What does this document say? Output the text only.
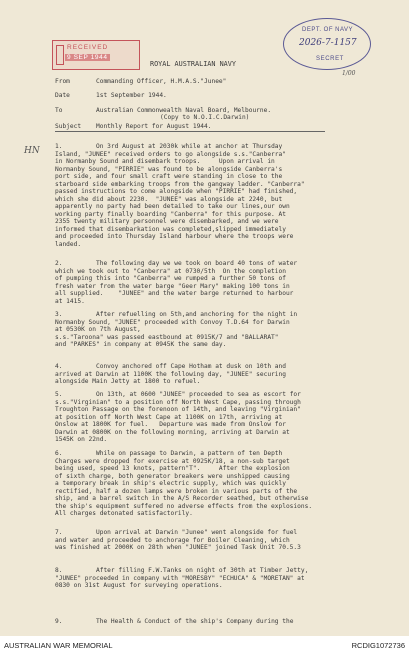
RECEIVED
9 SEP 1944
DEPT. OF NAVY
2026-7-1157
SECRET
1/00
HN
ROYAL AUSTRALIAN NAVY
From	Commanding Officer, H.M.A.S."Junee"
Date	1st September 1944.
To	Australian Commonwealth Naval Board, Melbourne.
(Copy to N.O.I.C.Darwin)
Subject Monthly Report for August 1944.
1.	On 3rd August at 2030k while at anchor at Thursday
Island, "JUNEE" received orders to go alongside s.s."Canberra"
in Normanby Sound and disembark troops.     Upon arrival in
Normanby Sound, "PIRRIE" was found to be alongside Canberra's
port side, and four small craft were standing in close to the
starboard side embarking troops from the gangway ladder. "Canberra"
passed instructions to come alongside when "PIRRIE" had finished,
which she did about 2230.  "JUNEE" was alongside at 2240, but
apparently no party had been detailed to take our lines,our own
working party finally boarding "Canberra" for this purpose. At
2355 twenty military personnel were disembarked, and we were
informed that disembarkation was completed,slipped immediately
and proceeded into Thursday Island harbour where the troops were
landed.
2.	The following day we we took on board 40 tons of water
which we took out to "Canberra" at 0730/5th  On the completion
of pumping this into "Canberra" we rumped a further 50 tons of
fresh water from the water barge "Geer Mary" making 100 tons in
all supplied.    "JUNEE" and the water barge returned to harbour
at 1415.
3.	After refuelling on 5th,and anchoring for the night in
Normanby Sound, "JUNEE" proceeded with Convoy T.D.64 for Darwin
at 0530K on 7th August,
s.s."Taroona" was passed eastbound at 0915K/7 and "BALLARAT"
and "PARKES" in company at 0945K the same day.
4.	Convoy anchored off Cape Hotham at dusk on 10th and
arrived at Darwin at 1100K the following day, "JUNEE" securing
alongside Main Jetty at 1800 to refuel.
5.	On 13th, at 0600 "JUNEE" proceeded to sea as escort for
s.s."Virginian" to a position off North West Cape, passing through
Troughton Passage on the forenoon of 14th, and leaving "Virginian"
at position off North West Cape at 1100K on 17th, arriving at
Onslow at 1800K for fuel.   Departure was made from Onslow for
Darwin at 0800K on the following morning, arriving at Darwin at
1545K on 22nd.
6.	While on passage to Darwin, a pattern of ten Depth
Charges were dropped for exercise at 0925K/18, a non-sub target
being used, speed 13 knots, pattern"T".     After the explosion
of sixth charge, both generator breakers were unshipped causing
a temporary break in ship's electric supply, which was quickly
rectified, half a dozen lamps were broken in various parts of the
ship, and a barrel switch in the A/S Recorder seathed, but otherwise
the ship's equipment suffered no adverse effects from the explosions.
All charges detonated satisfactorily.
7.	Upon arrival at Darwin "Junee" went alongside for fuel
and water and proceeded to anchorage for Boiler Cleaning, which
was finished at 2000K on 28th when "JUNEE" joined Task Unit 70.5.3
8.	After filling F.W.Tanks on night of 30th at Timber Jetty,
"JUNEE" proceeded in company with "MORESBY" "ECHUCA" & "MORETAN" at
0830 on 31st August for surveying operations.
9.	The Health & Conduct of the ship's Company during the
AUSTRALIAN WAR MEMORIAL	RCDIG1072736
